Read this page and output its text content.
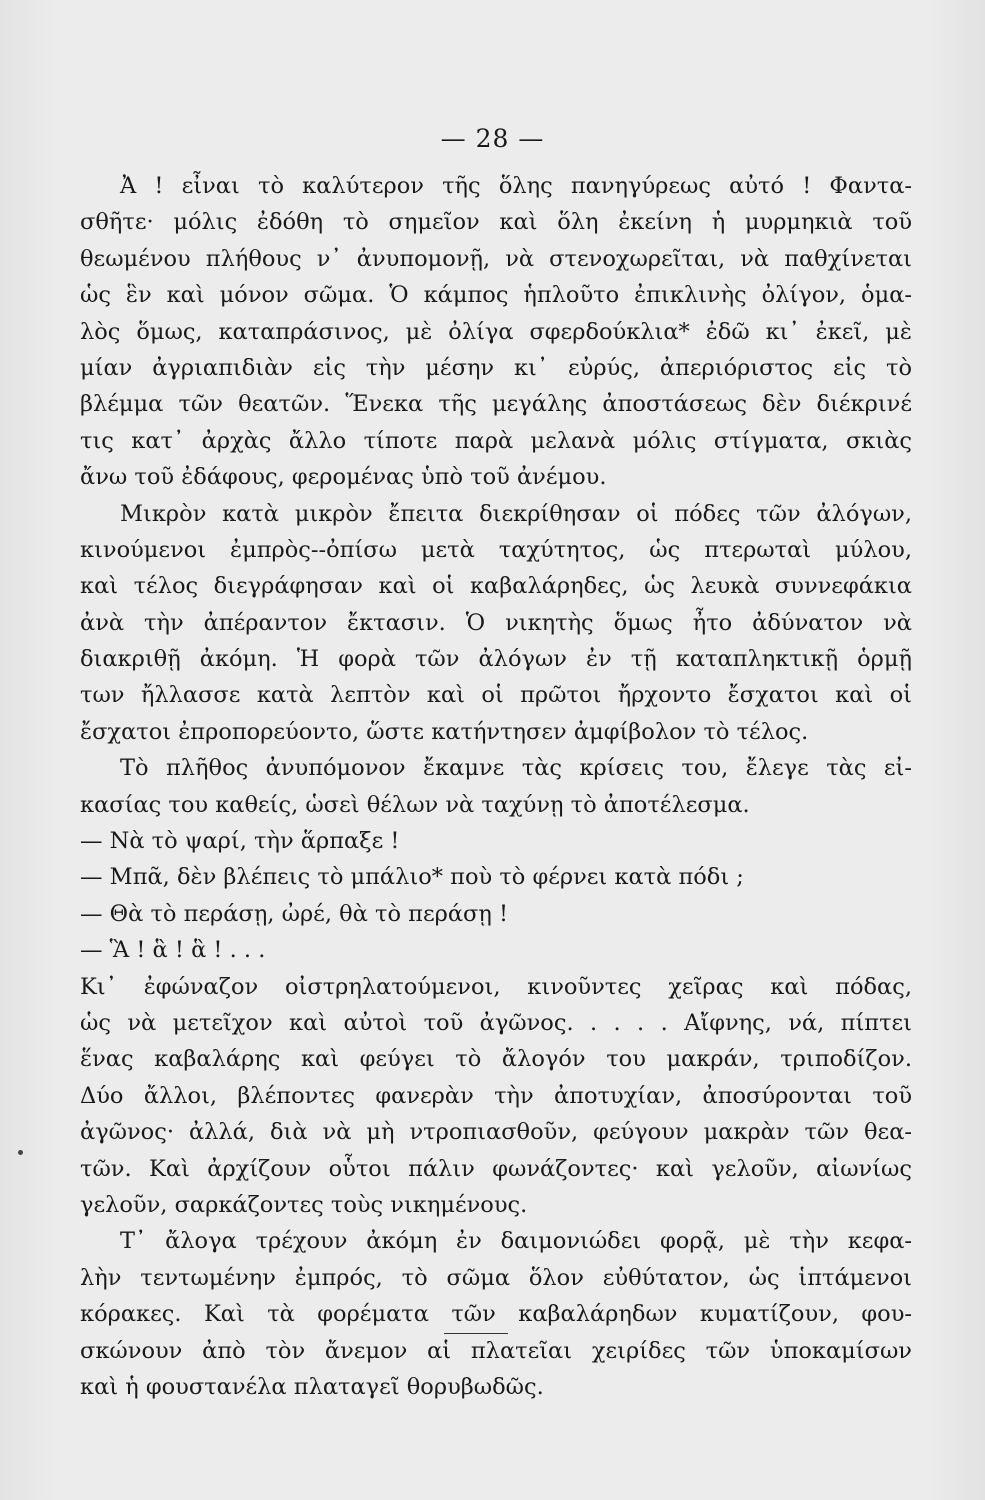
— 28 —
Ἀ ! εἶναι τὸ καλύτερον τῆς ὅλης πανηγύρεως αὐτό ! Φαντα-
σθῆτε· μόλις ἐδόθη τὸ σημεῖον καὶ ὅλη ἐκείνη ἡ μυρμηκιὰ τοῦ
θεωμένου πλήθους ν᾿ ἀνυπομονῇ, νὰ στενοχωρεῖται, νὰ παθχίνεται
ὡς ἓν καὶ μόνον σῶμα. Ὁ κάμπος ἡπλοῦτο ἐπικλινὴς ὀλίγον, ὁμα-
λὸς ὅμως, καταπράσινος, μὲ ὀλίγα σφερδούκλια* ἐδῶ κι᾿ ἐκεῖ, μὲ
μίαν ἀγριαπιδιὰν εἰς τὴν μέσην κι᾿ εὐρύς, ἀπεριόριστος εἰς τὸ
βλέμμα τῶν θεατῶν. Ἕνεκα τῆς μεγάλης ἀποστάσεως δὲν διέκρινέ
τις κατ᾿ ἀρχὰς ἄλλο τίποτε παρὰ μελανὰ μόλις στίγματα, σκιὰς
ἄνω τοῦ ἐδάφους, φερομένας ὑπὸ τοῦ ἀνέμου.
Μικρὸν κατὰ μικρὸν ἔπειτα διεκρίθησαν οἱ πόδες τῶν ἀλόγων,
κινούμενοι ἐμπρὸς--ὀπίσω μετὰ ταχύτητος, ὡς πτερωταὶ μύλου,
καὶ τέλος διεγράφησαν καὶ οἱ καβαλάρηδες, ὡς λευκὰ συννεφάκια
ἀνὰ τὴν ἀπέραντον ἔκτασιν. Ὁ νικητὴς ὅμως ἦτο ἀδύνατον νὰ
διακριθῇ ἀκόμη. Ἡ φορὰ τῶν ἀλόγων ἐν τῇ καταπληκτικῇ ὁρμῇ
των ἤλλασσε κατὰ λεπτὸν καὶ οἱ πρῶτοι ἤρχοντο ἔσχατοι καὶ οἱ
ἔσχατοι ἐπροπορεύοντο, ὥστε κατήντησεν ἀμφίβολον τὸ τέλος.
Τὸ πλῆθος ἀνυπόμονον ἔκαμνε τὰς κρίσεις του, ἔλεγε τὰς εἰ-
κασίας του καθείς, ὡσεὶ θέλων νὰ ταχύνῃ τὸ ἀποτέλεσμα.
— Νὰ τὸ ψαρί, τὴν ἅρπαξε !
— Μπᾶ, δὲν βλέπεις τὸ μπάλιο* ποὺ τὸ φέρνει κατὰ πόδι ;
— Θὰ τὸ περάσῃ, ὠρέ, θὰ τὸ περάσῃ !
— Ἃ ! ἃ ! ἃ ! . . .
Κι᾿ ἐφώναζον οἰστρηλατούμενοι, κινοῦντες χεῖρας καὶ πόδας,
ὡς νὰ μετεῖχον καὶ αὐτοὶ τοῦ ἀγῶνος. . . . . Αἴφνης, νά, πίπτει
ἕνας καβαλάρης καὶ φεύγει τὸ ἄλογόν του μακράν, τριποδίζον.
Δύο ἄλλοι, βλέποντες φανερὰν τὴν ἀποτυχίαν, ἀποσύρονται τοῦ
ἀγῶνος· ἀλλά, διὰ νὰ μὴ ντροπιασθοῦν, φεύγουν μακρὰν τῶν θεα-
τῶν. Καὶ ἀρχίζουν οὗτοι πάλιν φωνάζοντες· καὶ γελοῦν, αἰωνίως
γελοῦν, σαρκάζοντες τοὺς νικημένους.
Τ᾿ ἄλογα τρέχουν ἀκόμη ἐν δαιμονιώδει φορᾷ, μὲ τὴν κεφα-
λὴν τεντωμένην ἐμπρός, τὸ σῶμα ὅλον εὐθύτατον, ὡς ἱπτάμενοι
κόρακες. Καὶ τὰ φορέματα τῶν καβαλάρηδων κυματίζουν, φου-
σκώνουν ἀπὸ τὸν ἄνεμον αἱ πλατεῖαι χειρίδες τῶν ὑποκαμίσων
καὶ ἡ φουστανέλα πλαταγεῖ θορυβωδῶς.
